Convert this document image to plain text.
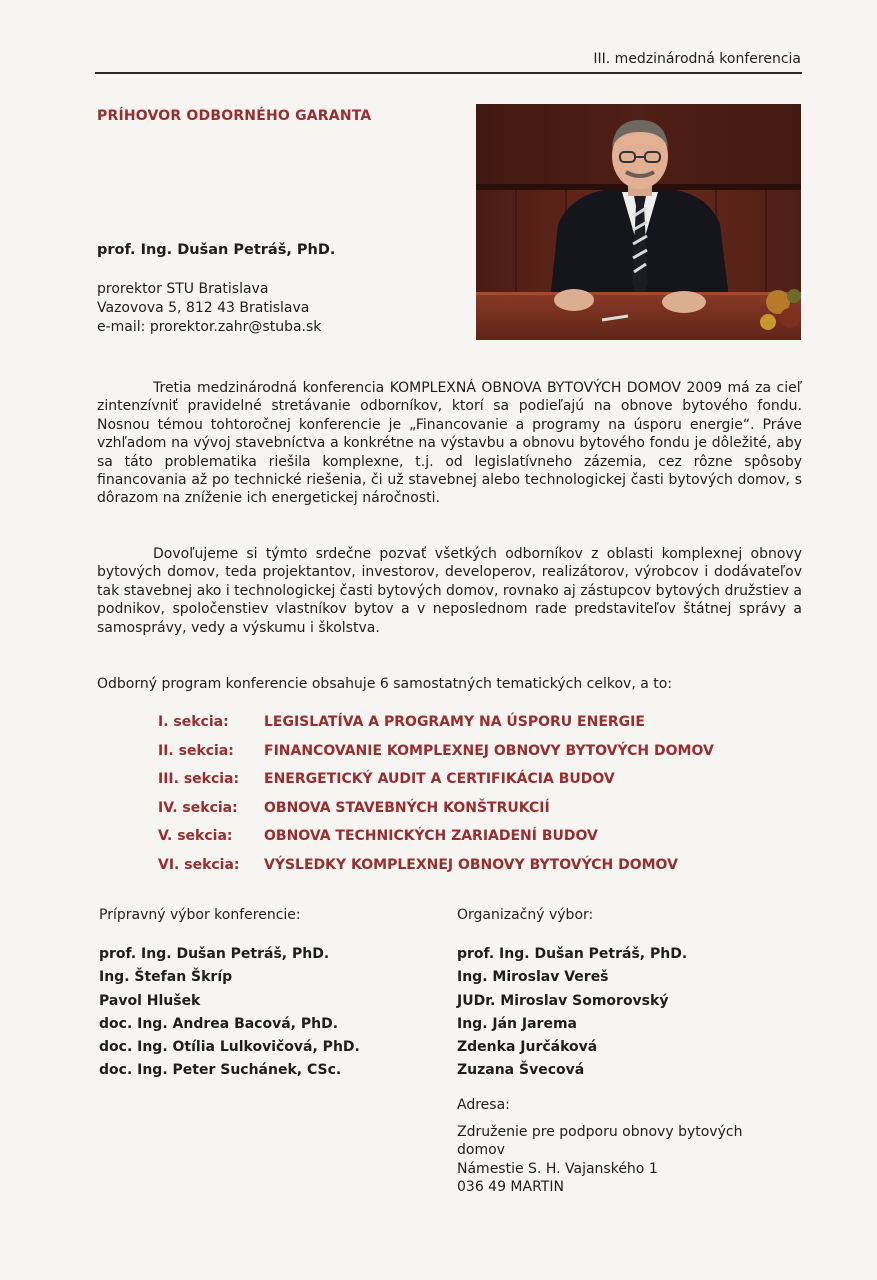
III. medzinárodná konferencia
PRÍHOVOR ODBORNÉHO GARANTA
prof. Ing. Dušan Petráš, PhD.
prorektor STU Bratislava
Vazovova 5, 812 43 Bratislava
e-mail: prorektor.zahr@stuba.sk

Tretia medzinárodná konferencia KOMPLEXNÁ OBNOVA BYTOVÝCH DOMOV 2009 má za cieľ zintenzívniť pravidelné stretávanie odborníkov, ktorí sa podieľajú na obnove bytového fondu. Nosnou témou tohtoročnej konferencie je „Financovanie a programy na úsporu energie“. Práve vzhľadom na vývoj stavebníctva a konkrétne na výstavbu a obnovu bytového fondu je dôležité, aby sa táto problematika riešila komplexne, t.j. od legislatívneho zázemia, cez rôzne spôsoby financovania až po technické riešenia, či už stavebnej alebo technologickej časti bytových domov, s dôrazom na zníženie ich energetickej náročnosti.

Dovoľujeme si týmto srdečne pozvať všetkých odborníkov z oblasti komplexnej obnovy bytových domov, teda projektantov, investorov, developerov, realizátorov, výrobcov i dodávateľov tak stavebnej ako i technologickej časti bytových domov, rovnako aj zástupcov bytových družstiev a podnikov, spoločenstiev vlastníkov bytov a v neposlednom rade predstaviteľov štátnej správy a samosprávy, vedy a výskumu i školstva.

Odborný program konferencie obsahuje 6 samostatných tematických celkov, a to:
I. sekcia:	LEGISLATÍVA A PROGRAMY NA ÚSPORU ENERGIE
II. sekcia:	FINANCOVANIE KOMPLEXNEJ OBNOVY BYTOVÝCH DOMOV
III. sekcia:	ENERGETICKÝ AUDIT A CERTIFIKÁCIA BUDOV
IV. sekcia:	OBNOVA STAVEBNÝCH KONŠTRUKCIÍ
V. sekcia:	OBNOVA TECHNICKÝCH ZARIADENÍ BUDOV
VI. sekcia:	VÝSLEDKY KOMPLEXNEJ OBNOVY BYTOVÝCH DOMOV
Prípravný výbor konferencie:
prof. Ing. Dušan Petráš, PhD.
Ing. Štefan Škríp
Pavol Hlušek
doc. Ing. Andrea Bacová, PhD.
doc. Ing. Otília Lulkovičová, PhD.
doc. Ing. Peter Suchánek, CSc.
Organizačný výbor:
prof. Ing. Dušan Petráš, PhD.
Ing. Miroslav Vereš
JUDr. Miroslav Somorovský
Ing. Ján Jarema
Zdenka Jurčáková
Zuzana Švecová
Adresa:
Združenie pre podporu obnovy bytových domov
Námestie S. H. Vajanského 1
036 49 MARTIN
